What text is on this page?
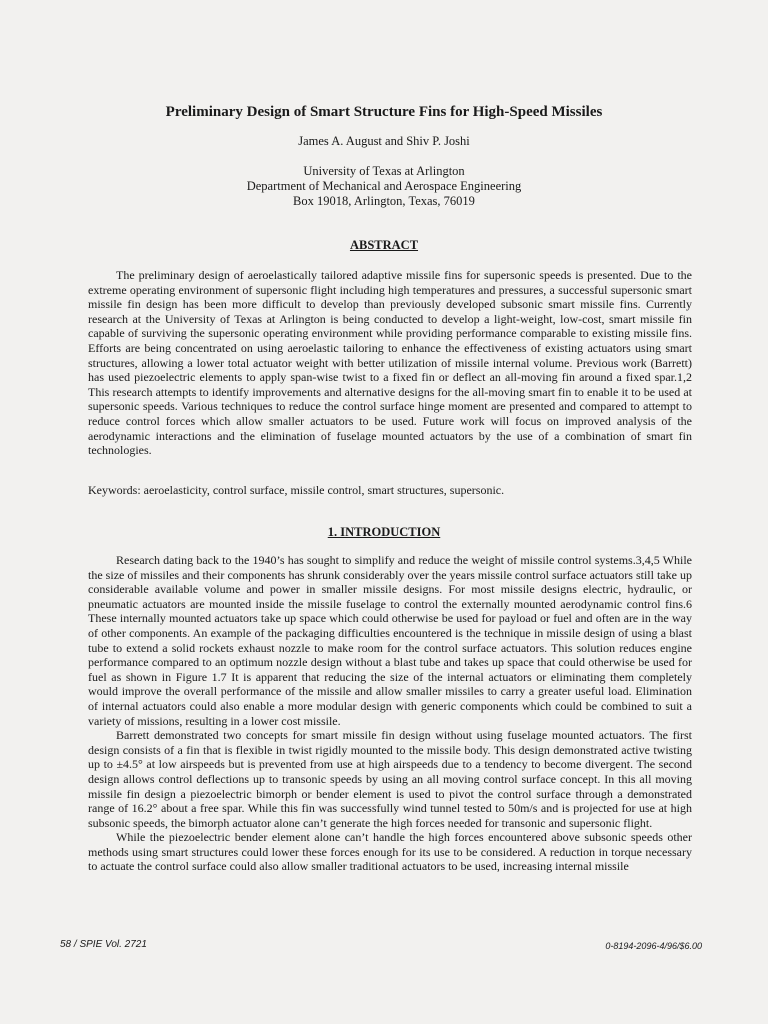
Preliminary Design of Smart Structure Fins for High-Speed Missiles
James A. August and Shiv P. Joshi
University of Texas at Arlington
Department of Mechanical and Aerospace Engineering
Box 19018, Arlington, Texas, 76019
ABSTRACT

The preliminary design of aeroelastically tailored adaptive missile fins for supersonic speeds is presented. Due to the extreme operating environment of supersonic flight including high temperatures and pressures, a successful supersonic smart missile fin design has been more difficult to develop than previously developed subsonic smart missile fins. Currently research at the University of Texas at Arlington is being conducted to develop a light-weight, low-cost, smart missile fin capable of surviving the supersonic operating environment while providing performance comparable to existing missile fins. Efforts are being concentrated on using aeroelastic tailoring to enhance the effectiveness of existing actuators using smart structures, allowing a lower total actuator weight with better utilization of missile internal volume. Previous work (Barrett) has used piezoelectric elements to apply span-wise twist to a fixed fin or deflect an all-moving fin around a fixed spar.1,2 This research attempts to identify improvements and alternative designs for the all-moving smart fin to enable it to be used at supersonic speeds. Various techniques to reduce the control surface hinge moment are presented and compared to attempt to reduce control forces which allow smaller actuators to be used. Future work will focus on improved analysis of the aerodynamic interactions and the elimination of fuselage mounted actuators by the use of a combination of smart fin technologies.

Keywords: aeroelasticity, control surface, missile control, smart structures, supersonic.

1. INTRODUCTION

Research dating back to the 1940’s has sought to simplify and reduce the weight of missile control systems.3,4,5 While the size of missiles and their components has shrunk considerably over the years missile control surface actuators still take up considerable available volume and power in smaller missile designs. For most missile designs electric, hydraulic, or pneumatic actuators are mounted inside the missile fuselage to control the externally mounted aerodynamic control fins.6 These internally mounted actuators take up space which could otherwise be used for payload or fuel and often are in the way of other components. An example of the packaging difficulties encountered is the technique in missile design of using a blast tube to extend a solid rockets exhaust nozzle to make room for the control surface actuators. This solution reduces engine performance compared to an optimum nozzle design without a blast tube and takes up space that could otherwise be used for fuel as shown in Figure 1.7 It is apparent that reducing the size of the internal actuators or eliminating them completely would improve the overall performance of the missile and allow smaller missiles to carry a greater useful load. Elimination of internal actuators could also enable a more modular design with generic components which could be combined to suit a variety of missions, resulting in a lower cost missile.

Barrett demonstrated two concepts for smart missile fin design without using fuselage mounted actuators. The first design consists of a fin that is flexible in twist rigidly mounted to the missile body. This design demonstrated active twisting up to ±4.5° at low airspeeds but is prevented from use at high airspeeds due to a tendency to become divergent. The second design allows control deflections up to transonic speeds by using an all moving control surface concept. In this all moving missile fin design a piezoelectric bimorph or bender element is used to pivot the control surface through a demonstrated range of 16.2° about a free spar. While this fin was successfully wind tunnel tested to 50m/s and is projected for use at high subsonic speeds, the bimorph actuator alone can’t generate the high forces needed for transonic and supersonic flight.

While the piezoelectric bender element alone can’t handle the high forces encountered above subsonic speeds other methods using smart structures could lower these forces enough for its use to be considered. A reduction in torque necessary to actuate the control surface could also allow smaller traditional actuators to be used, increasing internal missile

58 / SPIE Vol. 2721	0-8194-2096-4/96/$6.00
